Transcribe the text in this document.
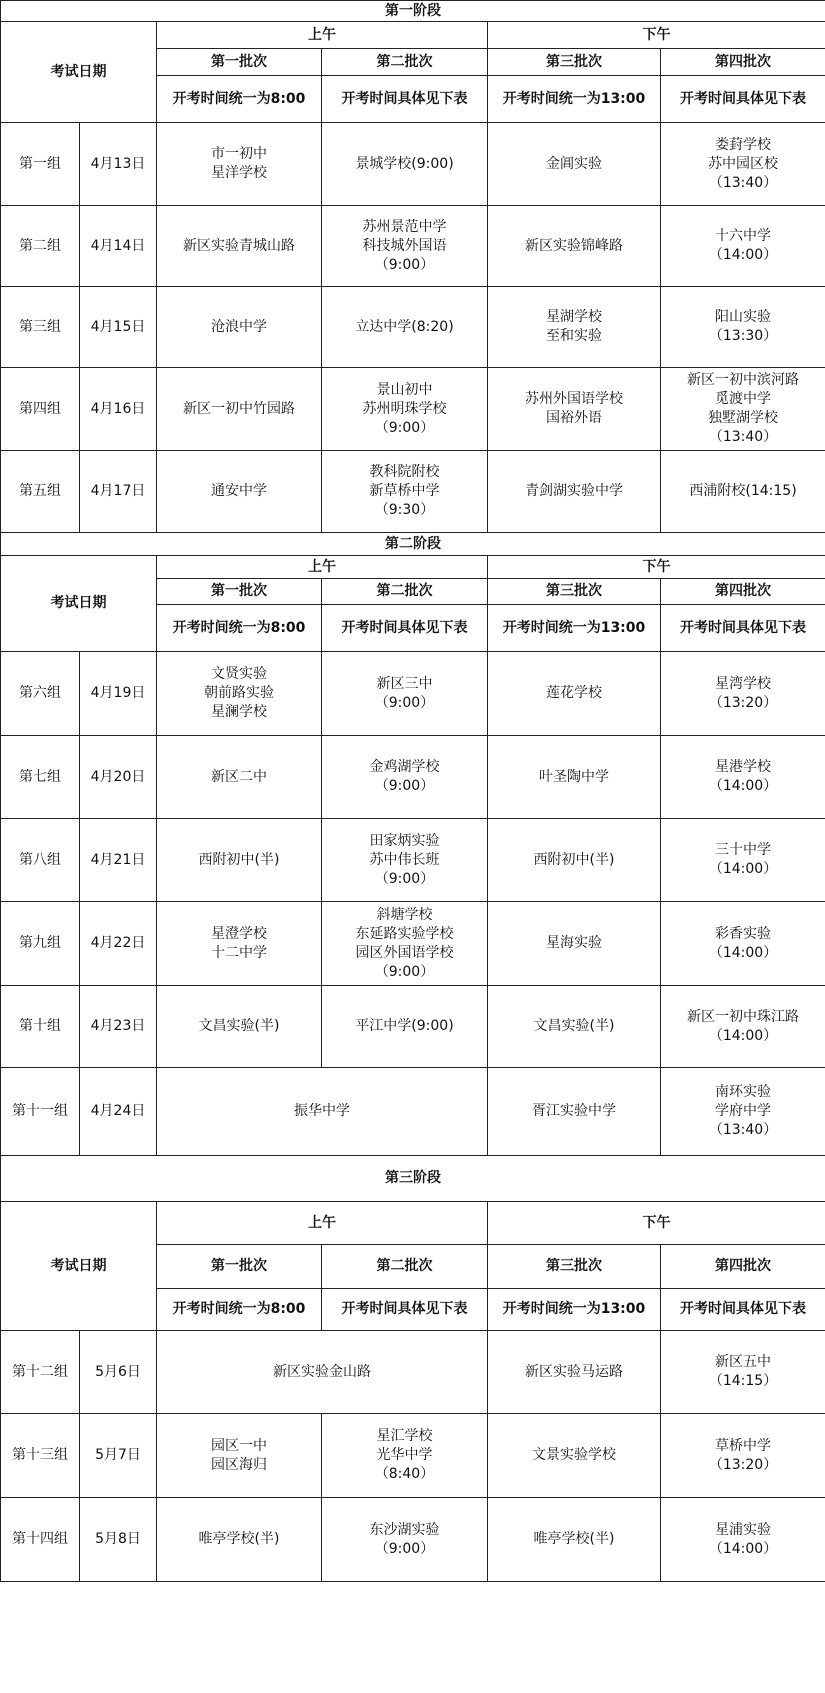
第一阶段					
考试日期		上午		下午	
		第一批次	第二批次	第三批次	第四批次
		开考时间统一为8:00	开考时间具体见下表	开考时间统一为13:00	开考时间具体见下表
第一组	4月13日	市一初中
星洋学校	景城学校(9:00)	金阊实验	娄葑学校
苏中园区校
（13:40）

第二组	4月14日	新区实验青城山路	苏州景范中学
科技城外国语
（9:00）	新区实验锦峰路	十六中学
（14:00）

第三组	4月15日	沧浪中学	立达中学(8:20)	星湖学校
至和实验	阳山实验
（13:30）

第四组	4月16日	新区一初中竹园路	景山初中
苏州明珠学校
（9:00）	苏州外国语学校
国裕外语	新区一初中滨河路
觅渡中学
独墅湖学校
（13:40）

第五组	4月17日	通安中学	教科院附校
新草桥中学
（9:30）	青剑湖实验中学	西浦附校(14:15)

第二阶段					
考试日期		上午		下午	
		第一批次	第二批次	第三批次	第四批次
		开考时间统一为8:00	开考时间具体见下表	开考时间统一为13:00	开考时间具体见下表
第六组	4月19日	文贤实验
朝前路实验
星澜学校	新区三中
（9:00）	莲花学校	星湾学校
（13:20）

第七组	4月20日	新区二中	金鸡湖学校
（9:00）	叶圣陶中学	星港学校
（14:00）

第八组	4月21日	西附初中(半)	田家炳实验
苏中伟长班
（9:00）	西附初中(半)	三十中学
（14:00）

第九组	4月22日	星澄学校
十二中学	斜塘学校
东延路实验学校
园区外国语学校
（9:00）	星海实验	彩香实验
（14:00）

第十组	4月23日	文昌实验(半)	平江中学(9:00)	文昌实验(半)	新区一初中珠江路
（14:00）

第十一组	4月24日	振华中学		胥江实验中学	南环实验
学府中学
（13:40）

第三阶段					
考试日期		上午		下午	
		第一批次	第二批次	第三批次	第四批次
		开考时间统一为8:00	开考时间具体见下表	开考时间统一为13:00	开考时间具体见下表
第十二组	5月6日	新区实验金山路		新区实验马运路	新区五中
（14:15）

第十三组	5月7日	园区一中
园区海归	星汇学校
光华中学
（8:40）	文景实验学校	草桥中学
（13:20）

第十四组	5月8日	唯亭学校(半)	东沙湖实验
（9:00）	唯亭学校(半)	星浦实验
（14:00）
